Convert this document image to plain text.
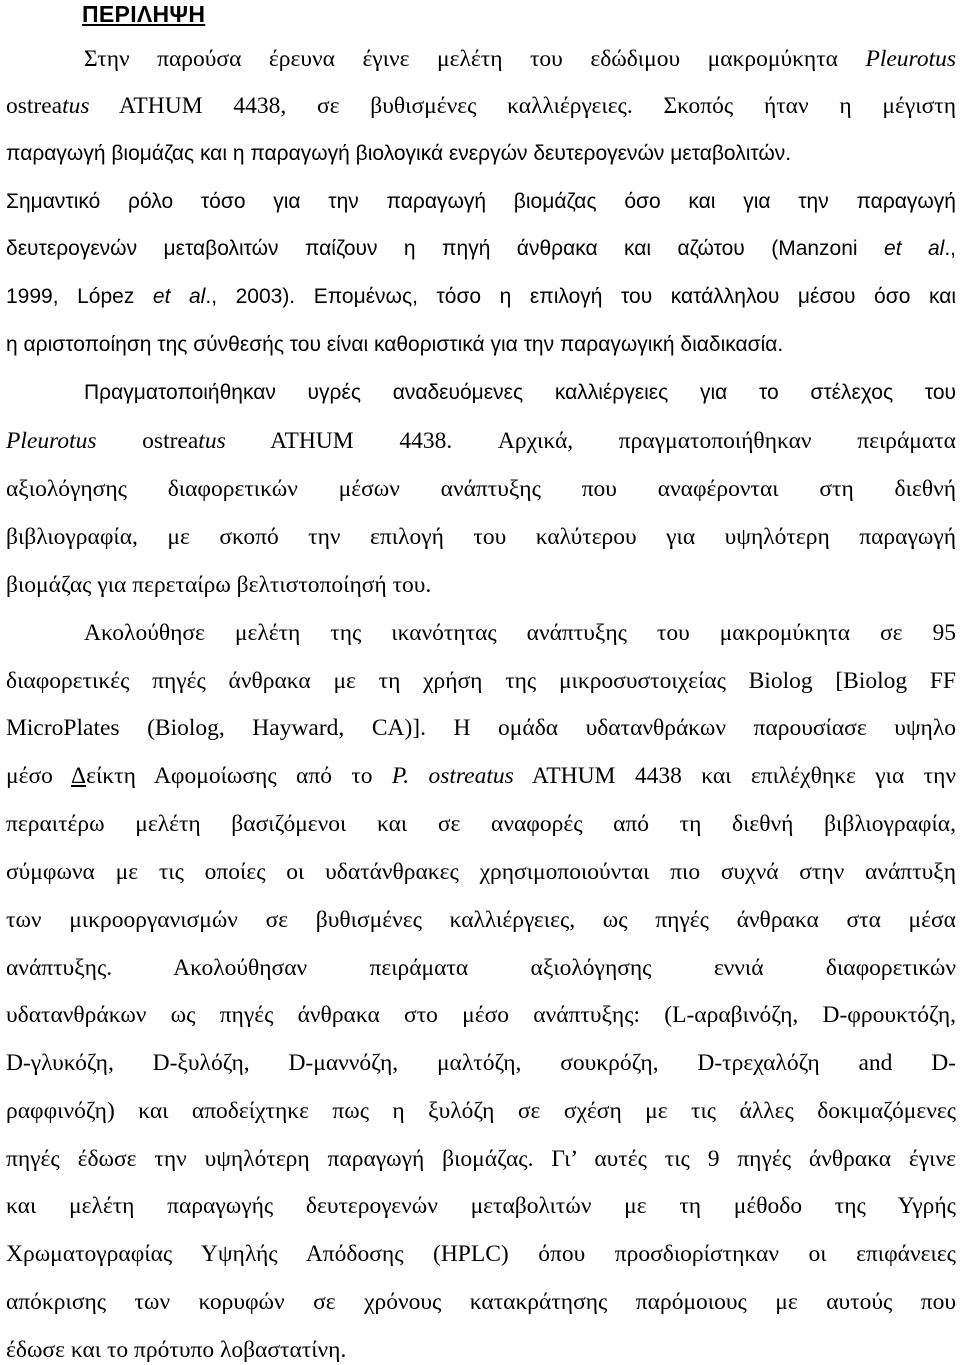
ΠΕΡΙΛΗΨΗ
Στην παρούσα έρευνα έγινε μελέτη του εδώδιμου μακρομύκητα Pleurotus
ostreatus ATHUM 4438, σε βυθισμένες καλλιέργειες. Σκοπός ήταν η μέγιστη
παραγωγή βιομάζας και η παραγωγή βιολογικά ενεργών δευτερογενών μεταβολιτών.
Σημαντικό ρόλο τόσο για την παραγωγή βιομάζας όσο και για την παραγωγή
δευτερογενών μεταβολιτών παίζουν η πηγή άνθρακα και αζώτου (Manzoni et al.,
1999, López et al., 2003). Επομένως, τόσο η επιλογή του κατάλληλου μέσου όσο και
η αριστοποίηση της σύνθεσής του είναι καθοριστικά για την παραγωγική διαδικασία.
Πραγματοποιήθηκαν υγρές αναδευόμενες καλλιέργειες για το στέλεχος του
Pleurotus ostreatus ATHUM 4438. Αρχικά, πραγματοποιήθηκαν πειράματα
αξιολόγησης διαφορετικών μέσων ανάπτυξης που αναφέρονται στη διεθνή
βιβλιογραφία, με σκοπό την επιλογή του καλύτερου για υψηλότερη παραγωγή
βιομάζας για περεταίρω βελτιστοποίησή του.
Ακολούθησε μελέτη της ικανότητας ανάπτυξης του μακρομύκητα σε 95
διαφορετικές πηγές άνθρακα με τη χρήση της μικροσυστοιχείας Biolog [Biolog FF
MicroPlates (Biolog, Hayward, CA)]. Η ομάδα υδατανθράκων παρουσίασε υψηλο
μέσο Δείκτη Αφομοίωσης από το P. ostreatus ATHUM 4438 και επιλέχθηκε για την
περαιτέρω μελέτη βασιζόμενοι και σε αναφορές από τη διεθνή βιβλιογραφία,
σύμφωνα με τις οποίες οι υδατάνθρακες χρησιμοποιούνται πιο συχνά στην ανάπτυξη
των μικροοργανισμών σε βυθισμένες καλλιέργειες, ως πηγές άνθρακα στα μέσα
ανάπτυξης. Ακολούθησαν πειράματα αξιολόγησης εννιά διαφορετικών
υδατανθράκων ως πηγές άνθρακα στο μέσο ανάπτυξης: (L-αραβινόζη, D-φρουκτόζη,
D-γλυκόζη, D-ξυλόζη, D-μαννόζη, μαλτόζη, σουκρόζη, D-τρεχαλόζη and D-
ραφφινόζη) και αποδείχτηκε πως η ξυλόζη σε σχέση με τις άλλες δοκιμαζόμενες
πηγές έδωσε την υψηλότερη παραγωγή βιομάζας. Γι’ αυτές τις 9 πηγές άνθρακα έγινε
και μελέτη παραγωγής δευτερογενών μεταβολιτών με τη μέθοδο της Υγρής
Χρωματογραφίας Υψηλής Απόδοσης (HPLC) όπου προσδιορίστηκαν οι επιφάνειες
απόκρισης των κορυφών σε χρόνους κατακράτησης παρόμοιους με αυτούς που
έδωσε και το πρότυπο λοβαστατίνη.
